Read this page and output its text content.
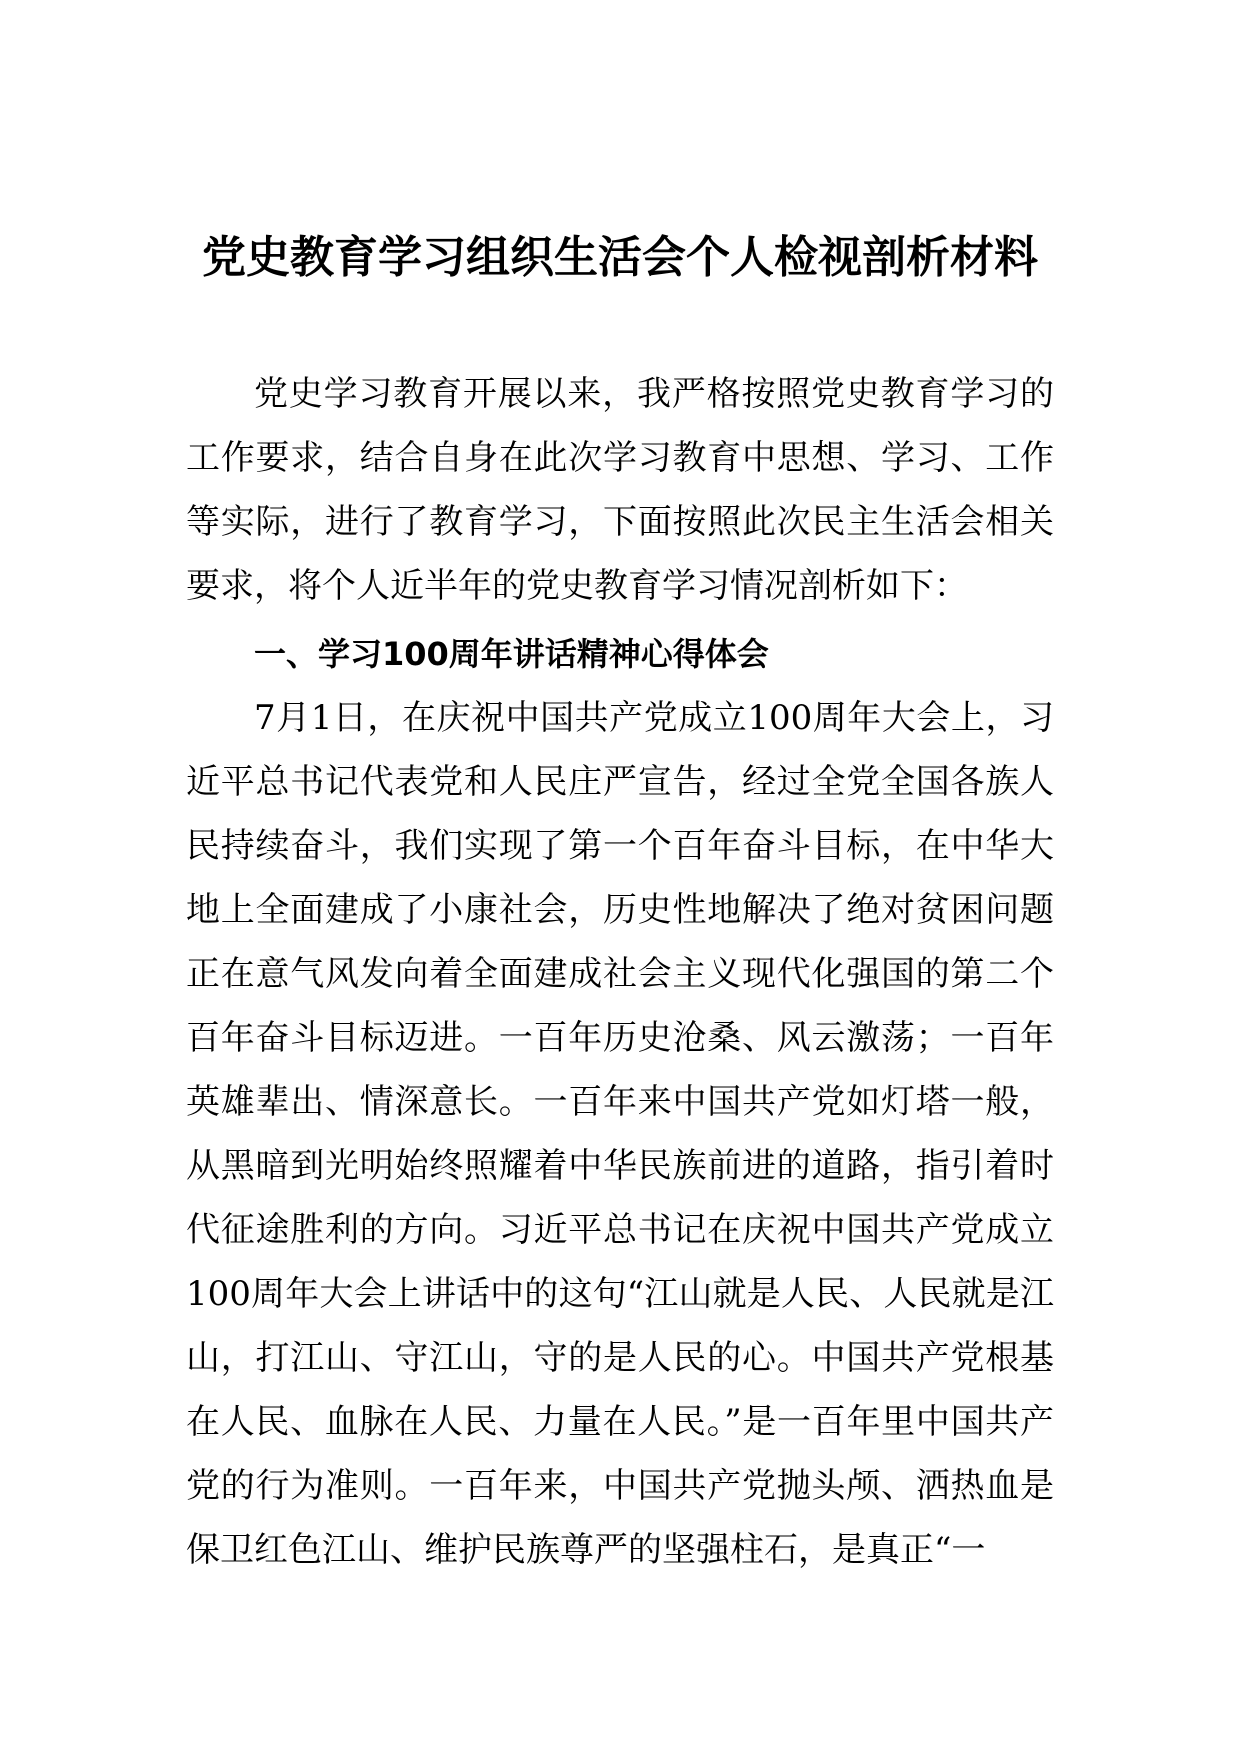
党史教育学习组织生活会个人检视剖析材料

党史学习教育开展以来，我严格按照党史教育学习的工作要求，结合自身在此次学习教育中思想、学习、工作等实际，进行了教育学习，下面按照此次民主生活会相关要求，将个人近半年的党史教育学习情况剖析如下：

一、学习100周年讲话精神心得体会

7月1日，在庆祝中国共产党成立100周年大会上，习近平总书记代表党和人民庄严宣告，经过全党全国各族人民持续奋斗，我们实现了第一个百年奋斗目标，在中华大地上全面建成了小康社会，历史性地解决了绝对贫困问题正在意气风发向着全面建成社会主义现代化强国的第二个百年奋斗目标迈进。一百年历史沧桑、风云激荡；一百年英雄辈出、情深意长。一百年来中国共产党如灯塔一般，从黑暗到光明始终照耀着中华民族前进的道路，指引着时代征途胜利的方向。习近平总书记在庆祝中国共产党成立100周年大会上讲话中的这句“江山就是人民、人民就是江山，打江山、守江山，守的是人民的心。中国共产党根基在人民、血脉在人民、力量在人民。”是一百年里中国共产党的行为准则。一百年来，中国共产党抛头颅、洒热血是保卫红色江山、维护民族尊严的坚强柱石，是真正“一
